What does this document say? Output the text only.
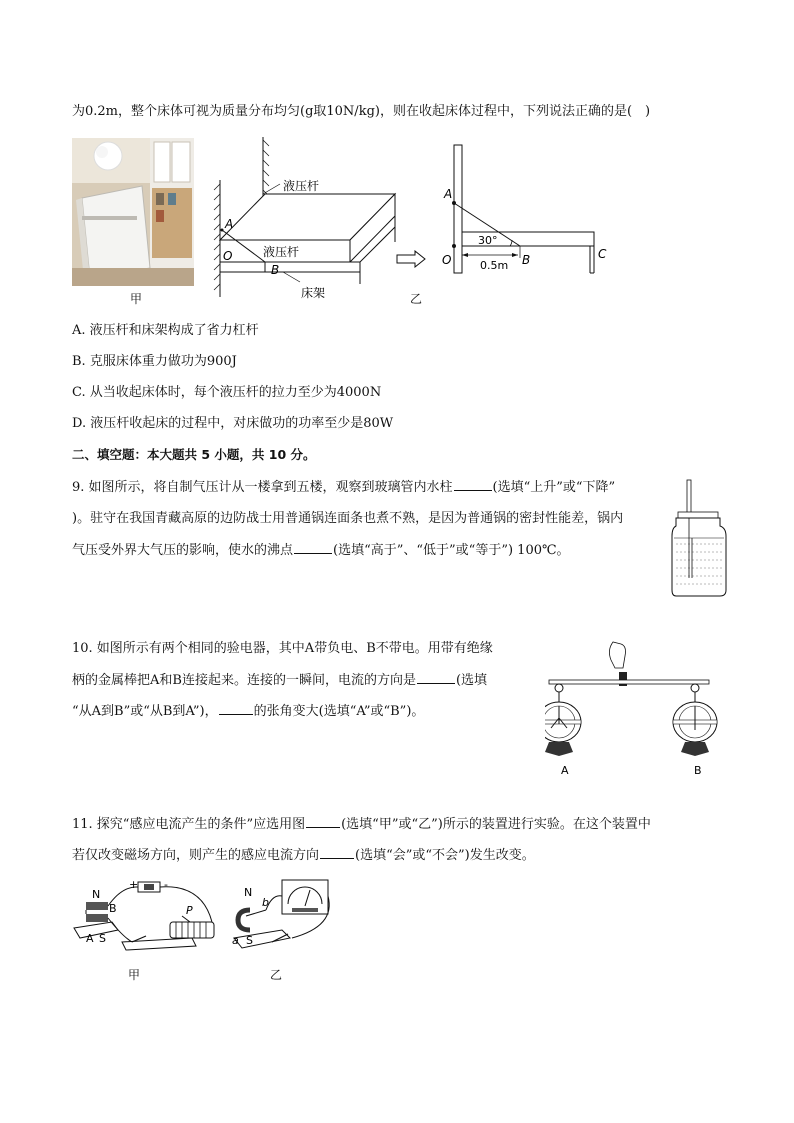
为0.2m，整个床体可视为质量分布均匀(g取10N/kg)，则在收起床体过程中，下列说法正确的是(　)
甲
A
O
B
液压杆
液压杆
床架	乙
A
O	B	C
30°
0.5m
A. 液压杆和床架构成了省力杠杆
B. 克服床体重力做功为900J
C. 从当收起床体时，每个液压杆的拉力至少为4000N
D. 液压杆收起床的过程中，对床做功的功率至少是80W
二、填空题：本大题共 5 小题，共 10 分。
9. 如图所示，将自制气压计从一楼拿到五楼，观察到玻璃管内水柱	(选填“上升”或“下降”
)。驻守在我国青藏高原的边防战士用普通锅连面条也煮不熟，是因为普通锅的密封性能差，锅内
气压受外界大气压的影响，使水的沸点	(选填“高于”、“低于”或“等于”) 100℃。
10. 如图所示有两个相同的验电器，其中A带负电、B不带电。用带有绝缘
柄的金属棒把A和B连接起来。连接的一瞬间，电流的方向是	(选填
“从A到B”或“从B到A”)，	的张角变大(选填“A”或“B”)。
A	B
11. 探究“感应电流产生的条件”应选用图	(选填“甲”或“乙”)所示的装置进行实验。在这个装置中
若仅改变磁场方向，则产生的感应电流方向	(选填“会”或“不会”)发生改变。
N
B
A S
P
+ -
甲
N
b
a S
乙
